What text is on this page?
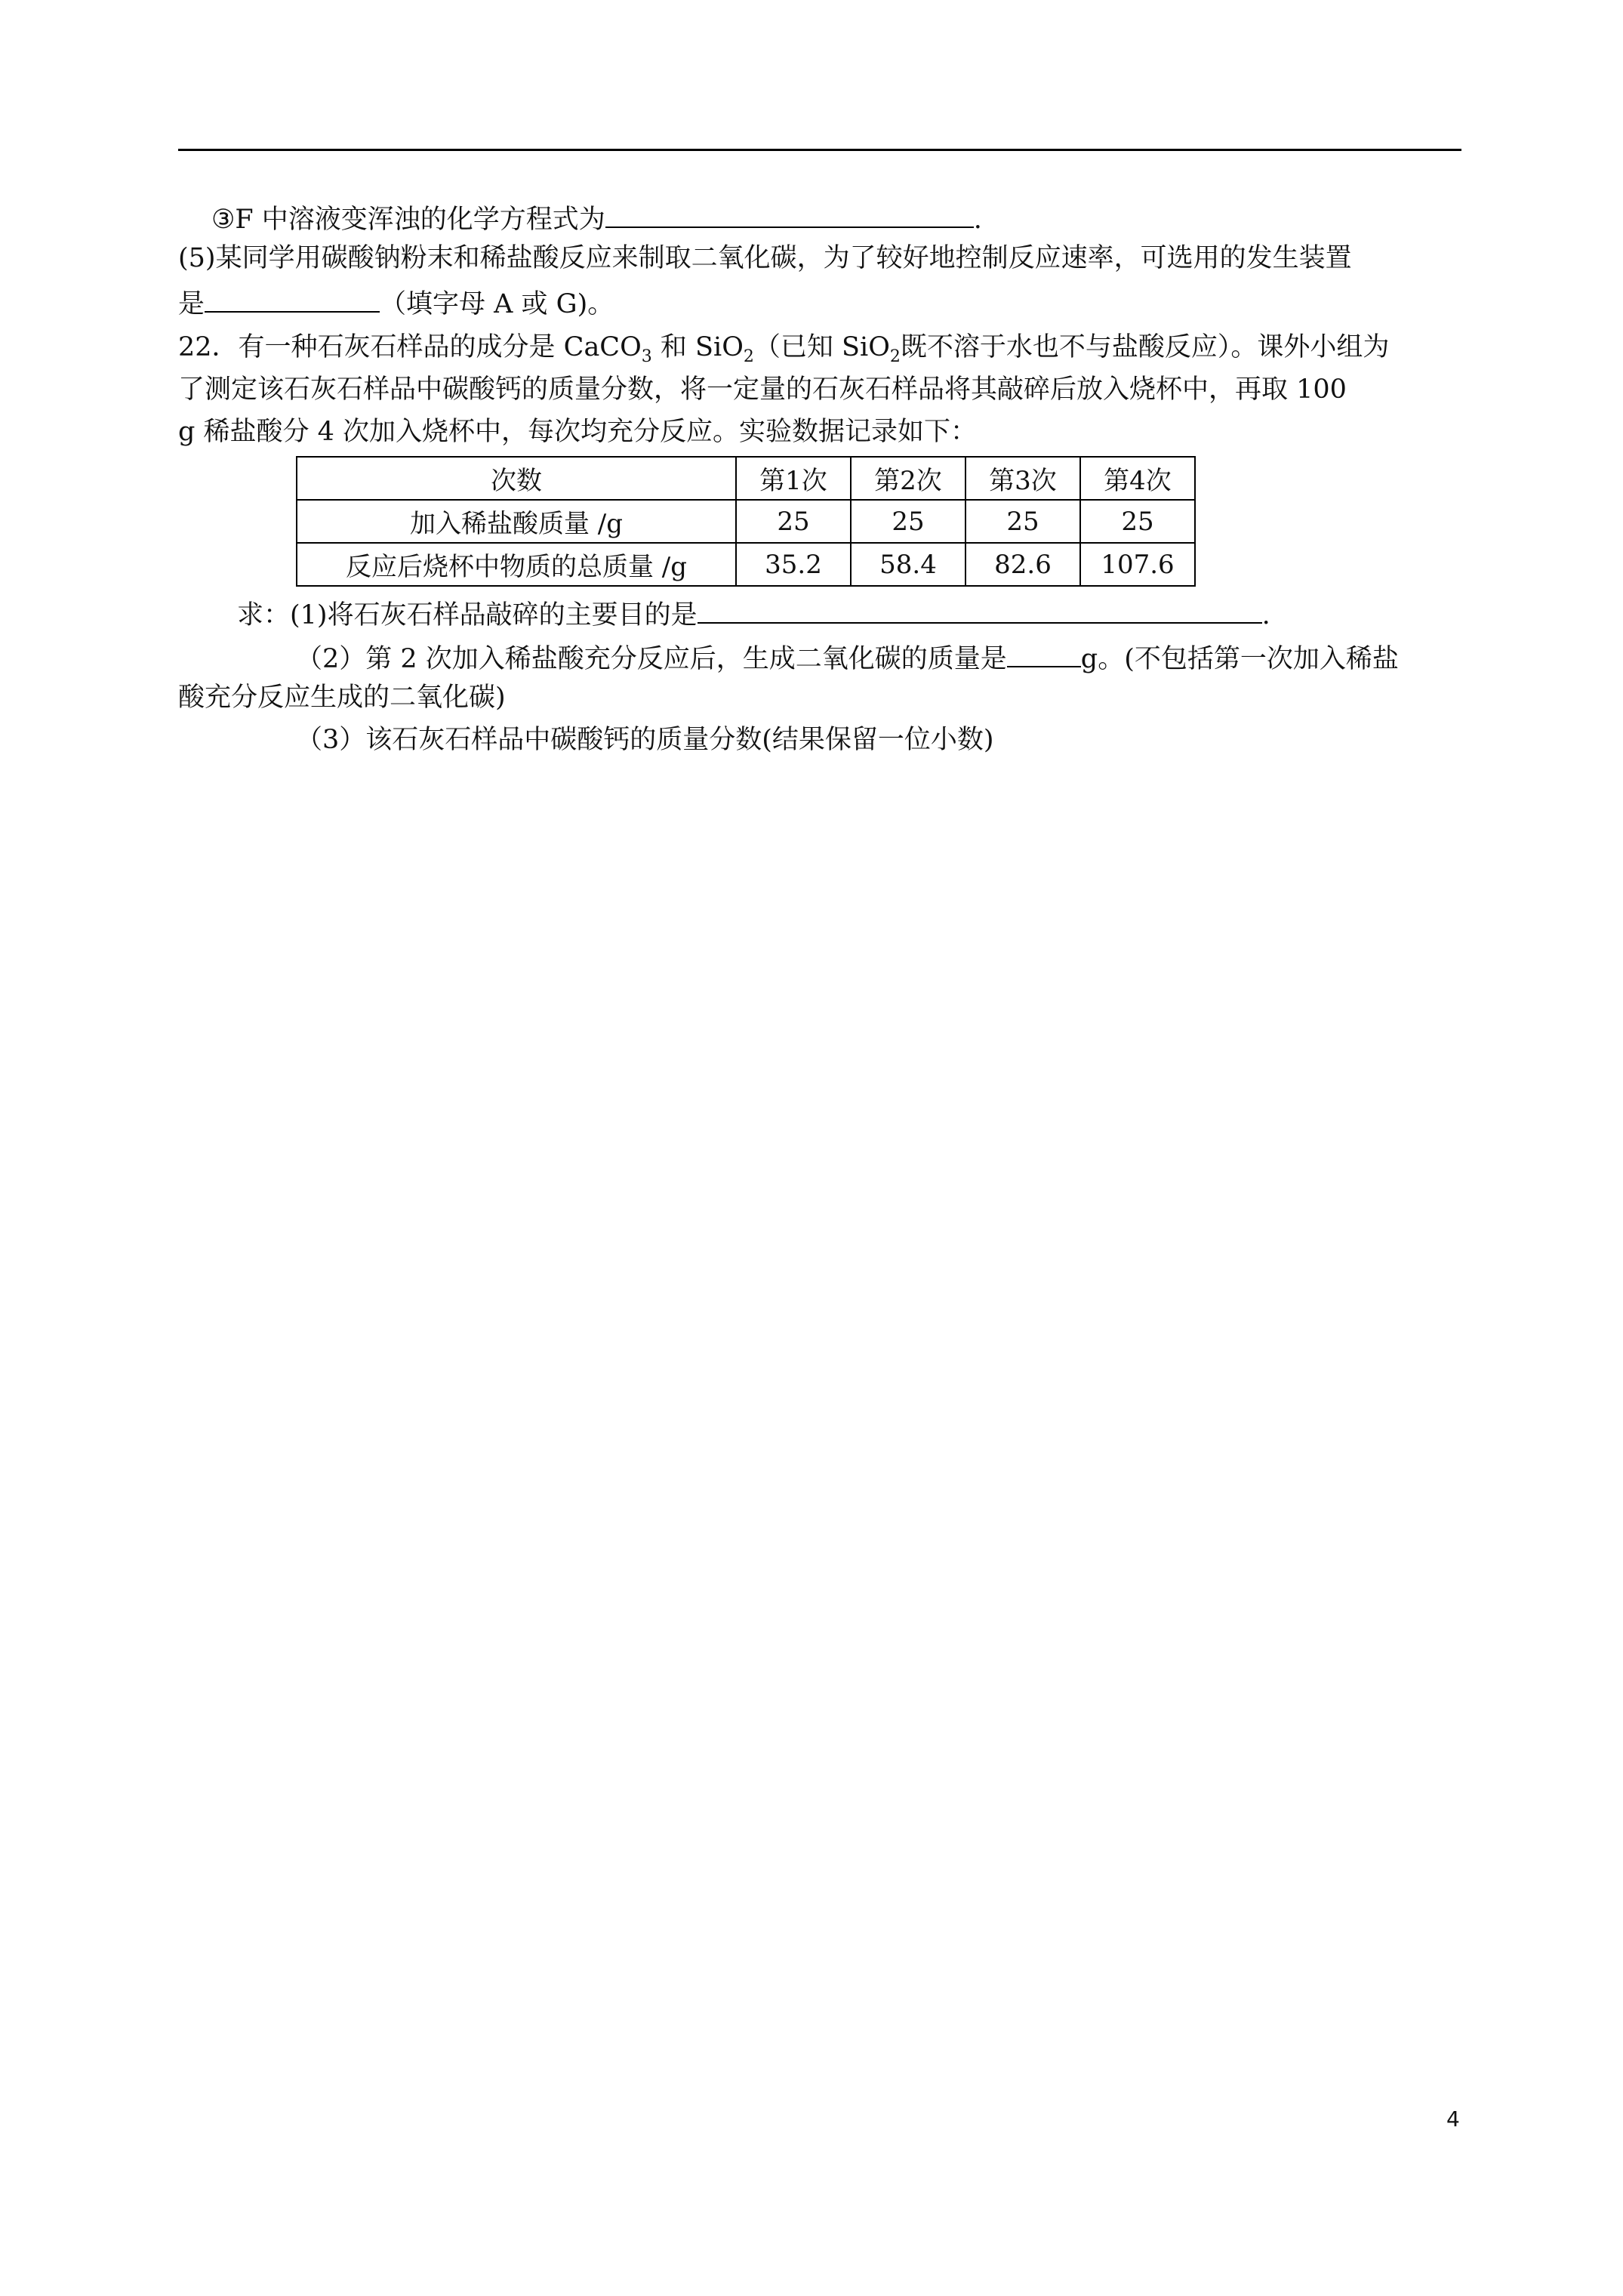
③F 中溶液变浑浊的化学方程式为	.
(5)某同学用碳酸钠粉末和稀盐酸反应来制取二氧化碳，为了较好地控制反应速率，可选用的发生装置
是	（填字母 A 或 G)。
22．有一种石灰石样品的成分是 CaCO$_3$ 和 SiO$_2$（已知 SiO$_2$既不溶于水也不与盐酸反应）。课外小组为
了测定该石灰石样品中碳酸钙的质量分数，将一定量的石灰石样品将其敲碎后放入烧杯中，再取 100
g 稀盐酸分 4 次加入烧杯中，每次均充分反应。实验数据记录如下：
次数	第1次	第2次	第3次	第4次
加入稀盐酸质量 /g	25	25	25	25
反应后烧杯中物质的总质量 /g	35.2	58.4	82.6	107.6
求：(1)将石灰石样品敲碎的主要目的是	.
（2）第 2 次加入稀盐酸充分反应后，生成二氧化碳的质量是	g。(不包括第一次加入稀盐
酸充分反应生成的二氧化碳)
（3）该石灰石样品中碳酸钙的质量分数(结果保留一位小数)
4
